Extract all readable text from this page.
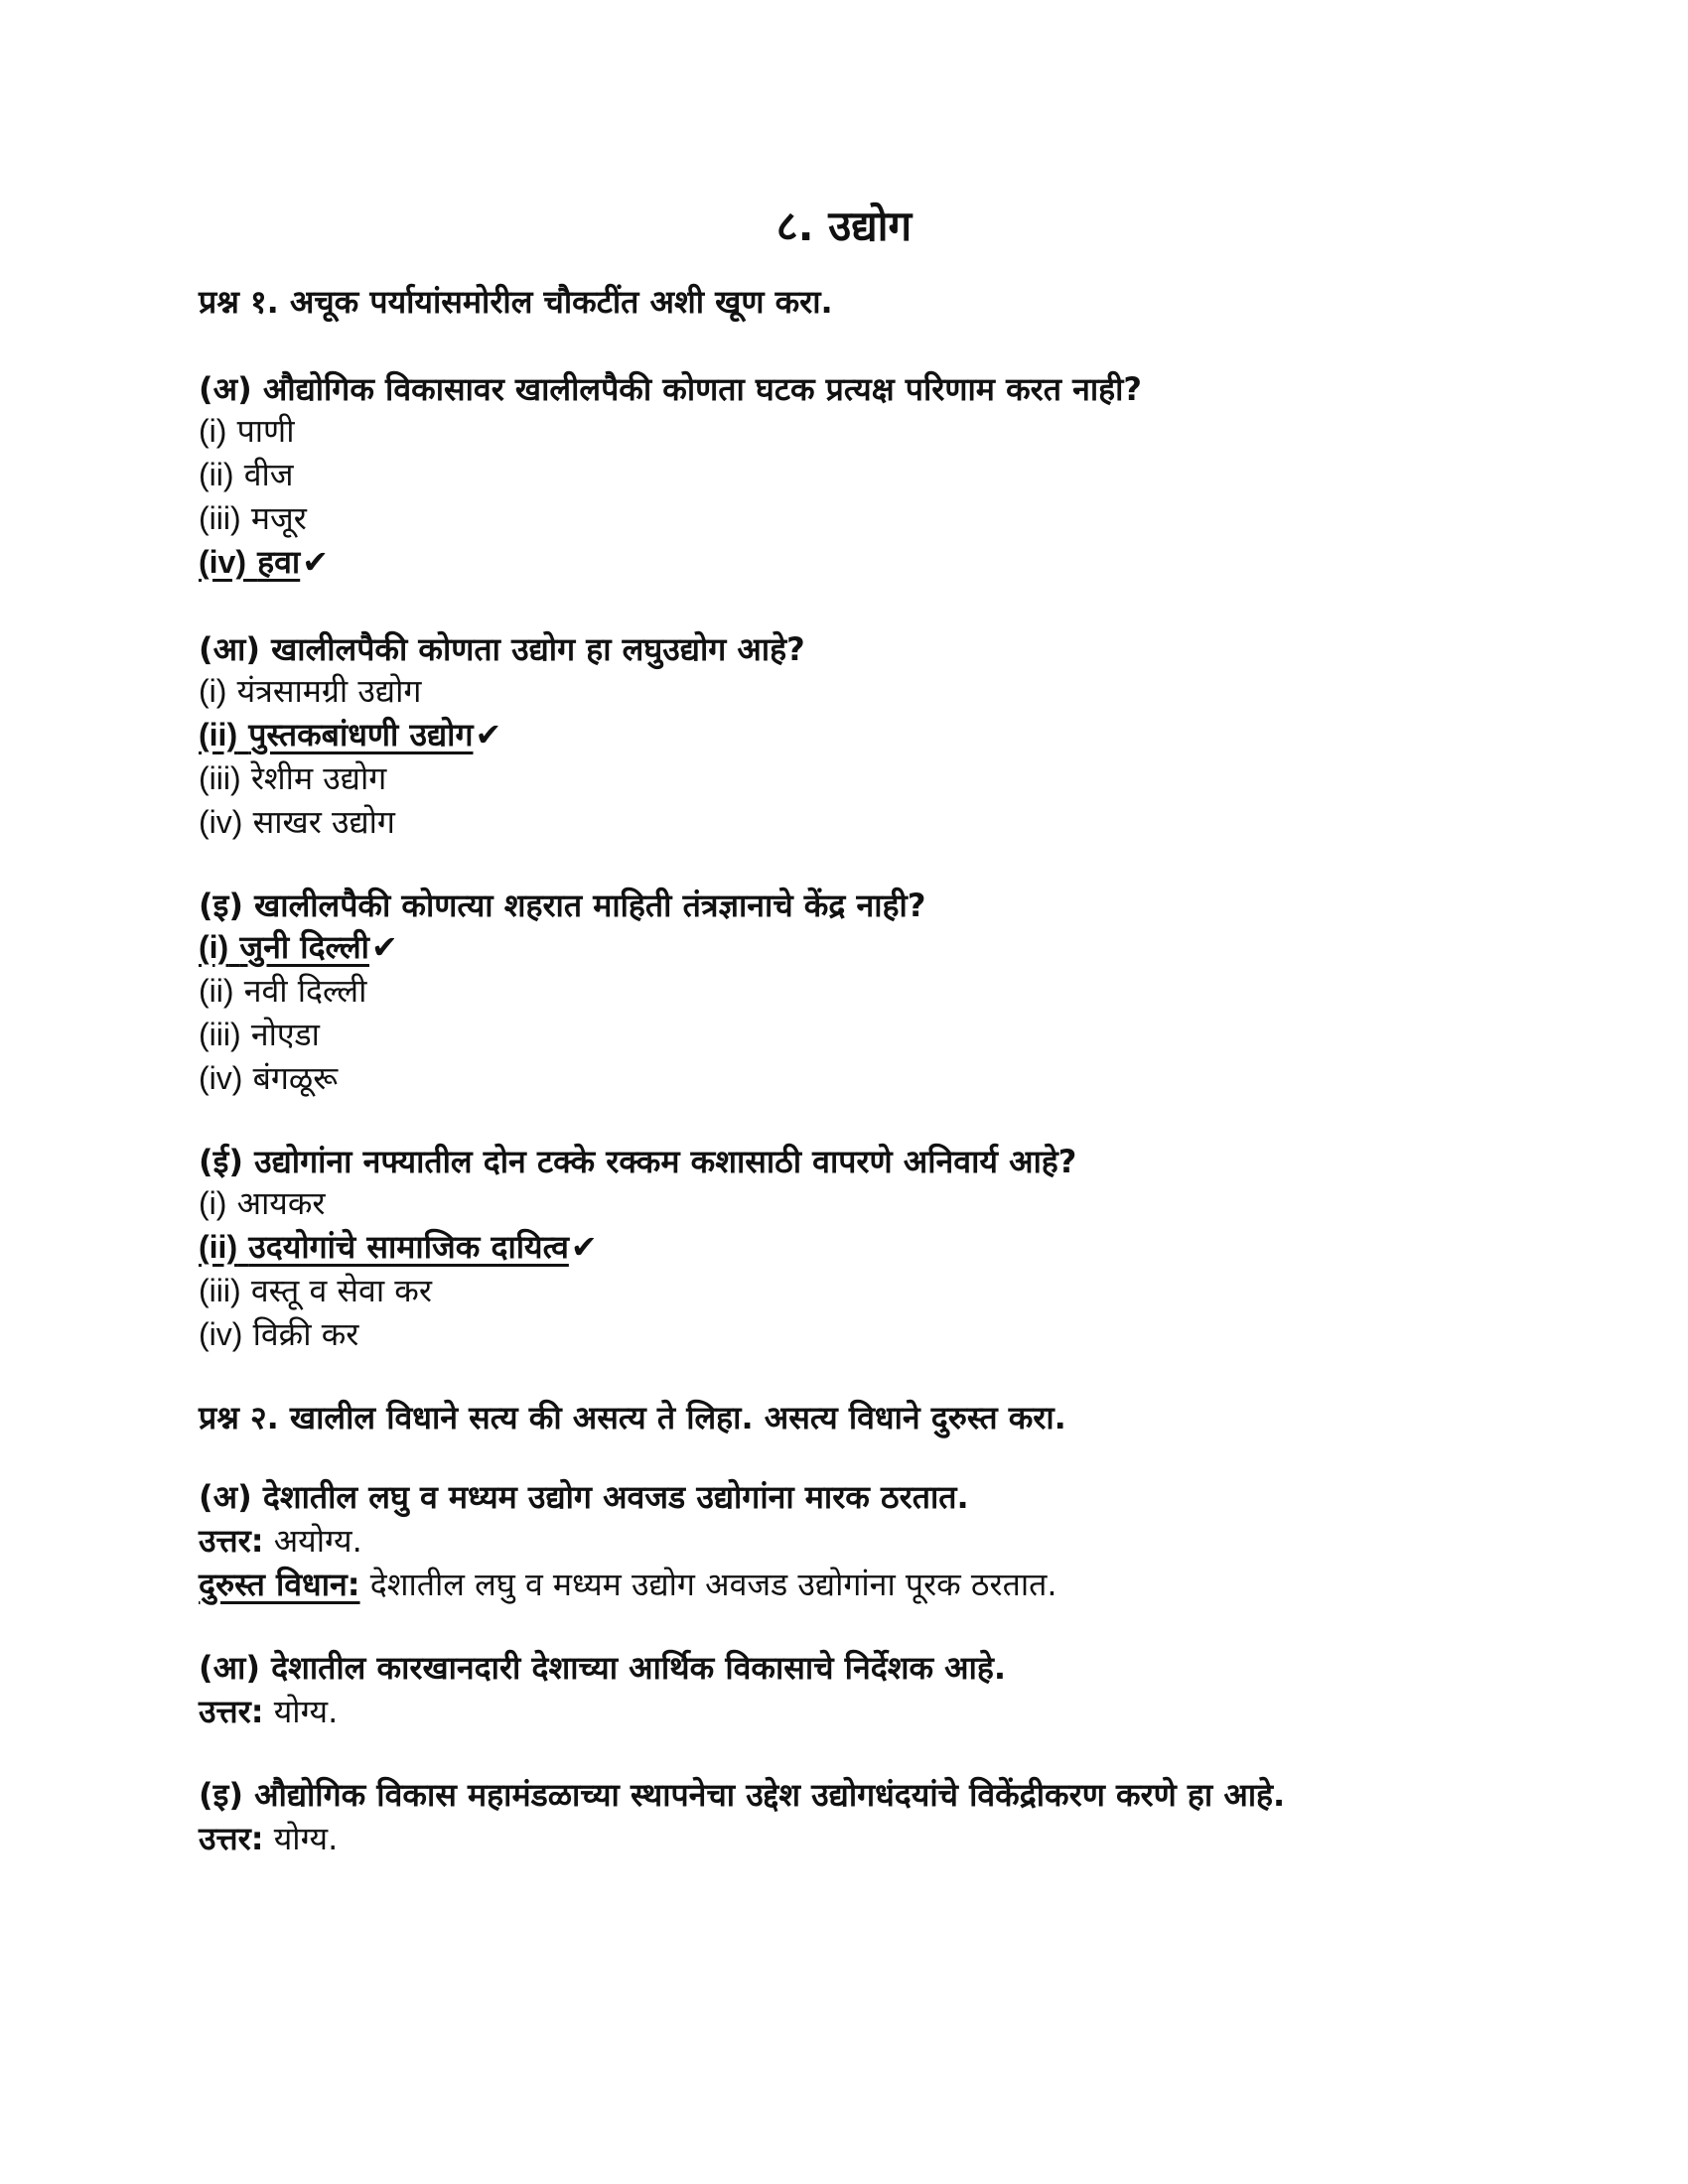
८. उद्योग
प्रश्न १. अचूक पर्यायांसमोरील चौकटींत अशी खूण करा.
(अ) औद्योगिक विकासावर खालीलपैकी कोणता घटक प्रत्यक्ष परिणाम करत नाही?
(i) पाणी
(ii) वीज
(iii) मजूर
(iv) हवा✔
(आ) खालीलपैकी कोणता उद्योग हा लघुउद्योग आहे?
(i) यंत्रसामग्री उद्योग
(ii) पुस्तकबांधणी उद्योग✔
(iii) रेशीम उद्योग
(iv) साखर उद्योग
(इ) खालीलपैकी कोणत्या शहरात माहिती तंत्रज्ञानाचे केंद्र नाही?
(i) जुनी दिल्ली✔
(ii) नवी दिल्ली
(iii) नोएडा
(iv) बंगळूरू
(ई) उद्योगांना नफ्यातील दोन टक्के रक्कम कशासाठी वापरणे अनिवार्य आहे?
(i) आयकर
(ii) उदयोगांचे सामाजिक दायित्व✔
(iii) वस्तू व सेवा कर
(iv) विक्री कर
प्रश्न २. खालील विधाने सत्य की असत्य ते लिहा. असत्य विधाने दुरुस्त करा.
(अ) देशातील लघु व मध्यम उद्योग अवजड उद्योगांना मारक ठरतात.
उत्तर: अयोग्य.
दुरुस्त विधान: देशातील लघु व मध्यम उद्योग अवजड उद्योगांना पूरक ठरतात.
(आ) देशातील कारखानदारी देशाच्या आर्थिक विकासाचे निर्देशक आहे.
उत्तर: योग्य.
(इ) औद्योगिक विकास महामंडळाच्या स्थापनेचा उद्देश उद्योगधंदयांचे विकेंद्रीकरण करणे हा आहे.
उत्तर: योग्य.
